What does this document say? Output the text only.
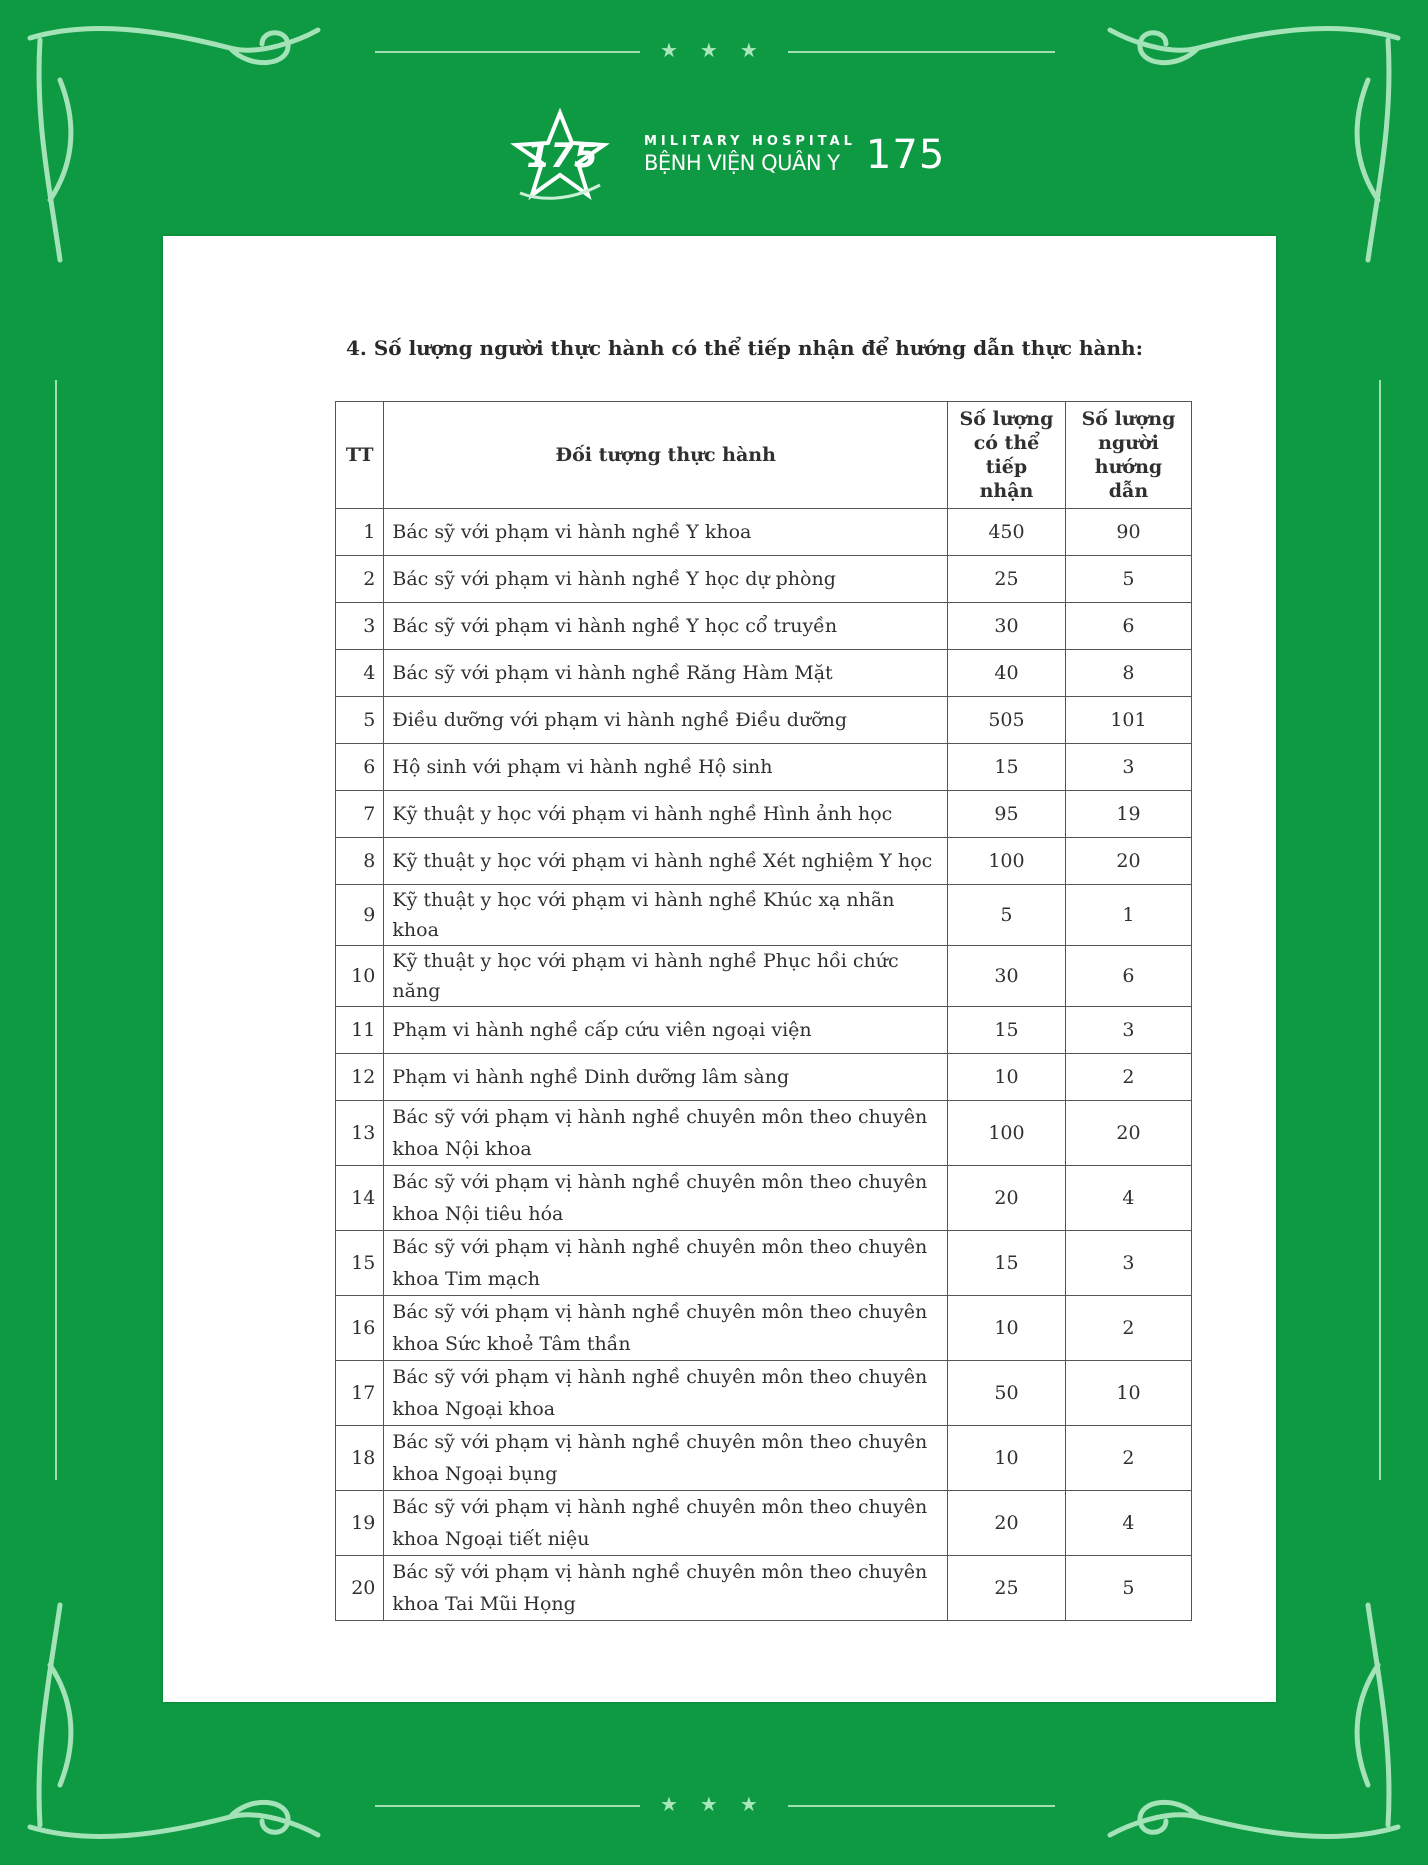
★★★
★★★
175	MILITARY HOSPITAL
BỆNH VIỆN QUÂN Y 175
4. Số lượng người thực hành có thể tiếp nhận để hướng dẫn thực hành:
TT	Đối tượng thực hành	Số lượng
có thể
tiếp nhận	Số lượng
người
hướng dẫn
1	Bác sỹ với phạm vi hành nghề Y khoa	450	90
2	Bác sỹ với phạm vi hành nghề Y học dự phòng	25	5
3	Bác sỹ với phạm vi hành nghề Y học cổ truyền	30	6
4	Bác sỹ với phạm vi hành nghề Răng Hàm Mặt	40	8
5	Điều dưỡng với phạm vi hành nghề Điều dưỡng	505	101
6	Hộ sinh với phạm vi hành nghề Hộ sinh	15	3
7	Kỹ thuật y học với phạm vi hành nghề Hình ảnh học	95	19
8	Kỹ thuật y học với phạm vi hành nghề Xét nghiệm Y học	100	20
9	Kỹ thuật y học với phạm vi hành nghề Khúc xạ nhãn khoa	5	1
10	Kỹ thuật y học với phạm vi hành nghề Phục hồi chức năng	30	6
11	Phạm vi hành nghề cấp cứu viên ngoại viện	15	3
12	Phạm vi hành nghề Dinh dưỡng lâm sàng	10	2
13	Bác sỹ với phạm vị hành nghề chuyên môn theo chuyên
khoa Nội khoa	100	20
14	Bác sỹ với phạm vị hành nghề chuyên môn theo chuyên
khoa Nội tiêu hóa	20	4
15	Bác sỹ với phạm vị hành nghề chuyên môn theo chuyên
khoa Tim mạch	15	3
16	Bác sỹ với phạm vị hành nghề chuyên môn theo chuyên
khoa Sức khoẻ Tâm thần	10	2
17	Bác sỹ với phạm vị hành nghề chuyên môn theo chuyên
khoa Ngoại khoa	50	10
18	Bác sỹ với phạm vị hành nghề chuyên môn theo chuyên
khoa Ngoại bụng	10	2
19	Bác sỹ với phạm vị hành nghề chuyên môn theo chuyên
khoa Ngoại tiết niệu	20	4
20	Bác sỹ với phạm vị hành nghề chuyên môn theo chuyên
khoa Tai Mũi Họng	25	5
